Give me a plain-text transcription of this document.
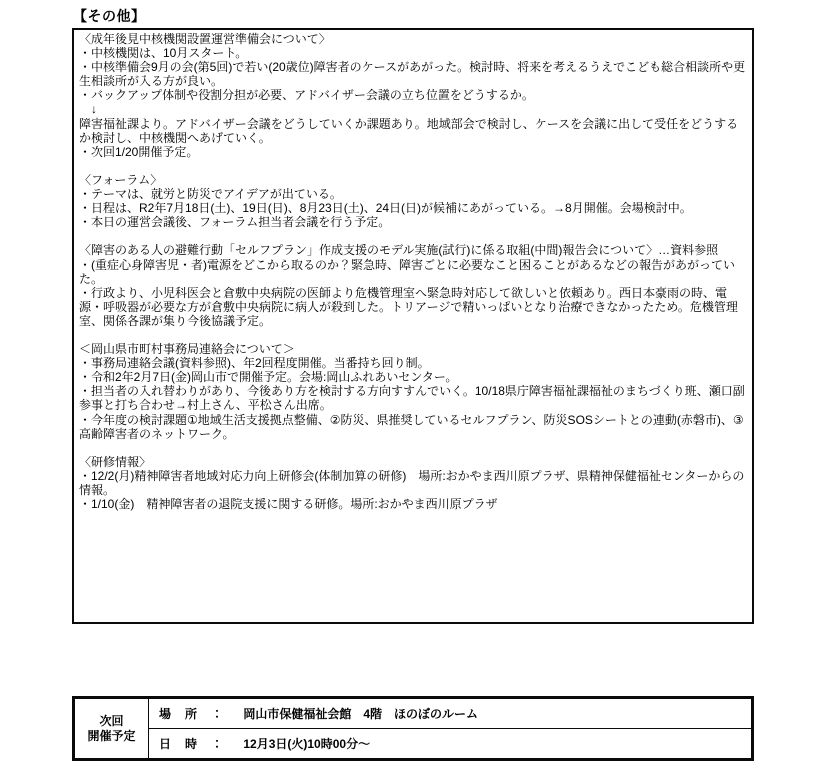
【その他】
〈成年後見中核機関設置運営準備会について〉
・中核機関は、10月スタート。
・中核準備会9月の会(第5回)で若い(20歳位)障害者のケースがあがった。検討時、将来を考えるうえでこども総合相談所や更生相談所が入る方が良い。
・バックアップ体制や役割分担が必要、アドバイザー会議の立ち位置をどうするか。
　↓
障害福祉課より。アドバイザー会議をどうしていくか課題あり。地域部会で検討し、ケースを会議に出して受任をどうするか検討し、中核機関へあげていく。
・次回1/20開催予定。

〈フォーラム〉
・テーマは、就労と防災でアイデアが出ている。
・日程は、R2年7月18日(土)、19日(日)、8月23日(土)、24日(日)が候補にあがっている。→8月開催。会場検討中。
・本日の運営会議後、フォーラム担当者会議を行う予定。

〈障害のある人の避難行動「セルフプラン」作成支援のモデル実施(試行)に係る取組(中間)報告会について〉…資料参照
・(重症心身障害児・者)電源をどこから取るのか？緊急時、障害ごとに必要なこと困ることがあるなどの報告があがっていた。
・行政より、小児科医会と倉敷中央病院の医師より危機管理室へ緊急時対応して欲しいと依頼あり。西日本豪雨の時、電源・呼吸器が必要な方が倉敷中央病院に病人が殺到した。トリアージで精いっぱいとなり治療できなかったため。危機管理室、関係各課が集り今後協議予定。

＜岡山県市町村事務局連絡会について＞
・事務局連絡会議(資料参照)、年2回程度開催。当番持ち回り制。
・令和2年2月7日(金)岡山市で開催予定。会場:岡山ふれあいセンター。
・担当者の入れ替わりがあり、今後あり方を検討する方向すすんでいく。10/18県庁障害福祉課福祉のまちづくり班、瀬口副参事と打ち合わせ→村上さん、平松さん出席。
・今年度の検討課題①地域生活支援拠点整備、②防災、県推奨しているセルフプラン、防災SOSシートとの連動(赤磐市)、③高齢障害者のネットワーク。

〈研修情報〉
・12/2(月)精神障害者地域対応力向上研修会(体制加算の研修)　場所:おかやま西川原プラザ、県精神保健福祉センターからの情報。
・1/10(金)　精神障害者の退院支援に関する研修。場所:おかやま西川原プラザ
次回
開催予定	場　所　： 岡山市保健福祉会館　4階　ほのぼのルーム
日　時　： 12月3日(火)10時00分～
